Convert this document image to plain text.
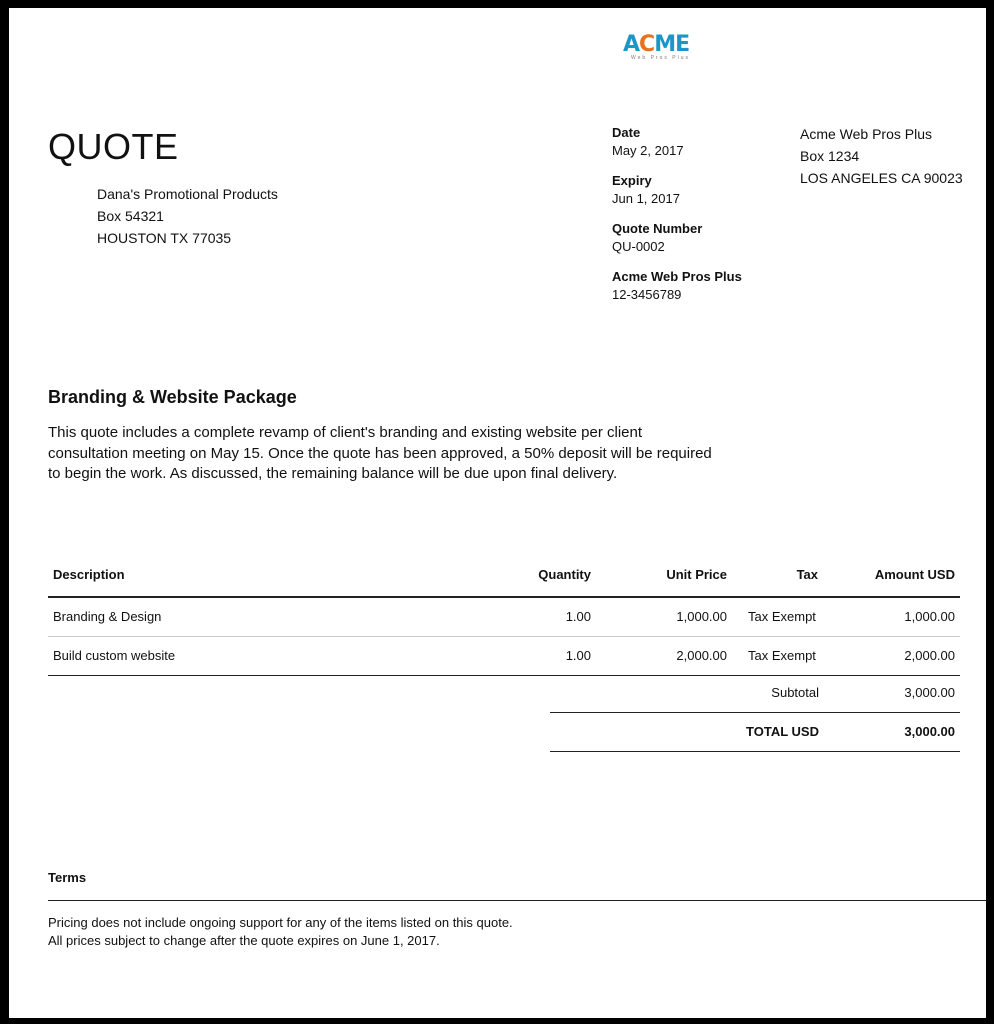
ACME
Web Pros Plus
QUOTE
Dana's Promotional Products
Box 54321
HOUSTON TX 77035
Date
May 2, 2017
Expiry
Jun 1, 2017
Quote Number
QU-0002
Acme Web Pros Plus
12-3456789
Acme Web Pros Plus
Box 1234
LOS ANGELES CA 90023
Branding & Website Package
This quote includes a complete revamp of client's branding and existing website per client consultation meeting on May 15. Once the quote has been approved, a 50% deposit will be required to begin the work. As discussed, the remaining balance will be due upon final delivery.
Description	Quantity	Unit Price	Tax	Amount USD
Branding & Design	1.00	1,000.00 Tax Exempt	1,000.00
Build custom website	1.00	2,000.00 Tax Exempt	2,000.00
Subtotal	3,000.00
TOTAL USD	3,000.00
Terms
Pricing does not include ongoing support for any of the items listed on this quote.
All prices subject to change after the quote expires on June 1, 2017.
